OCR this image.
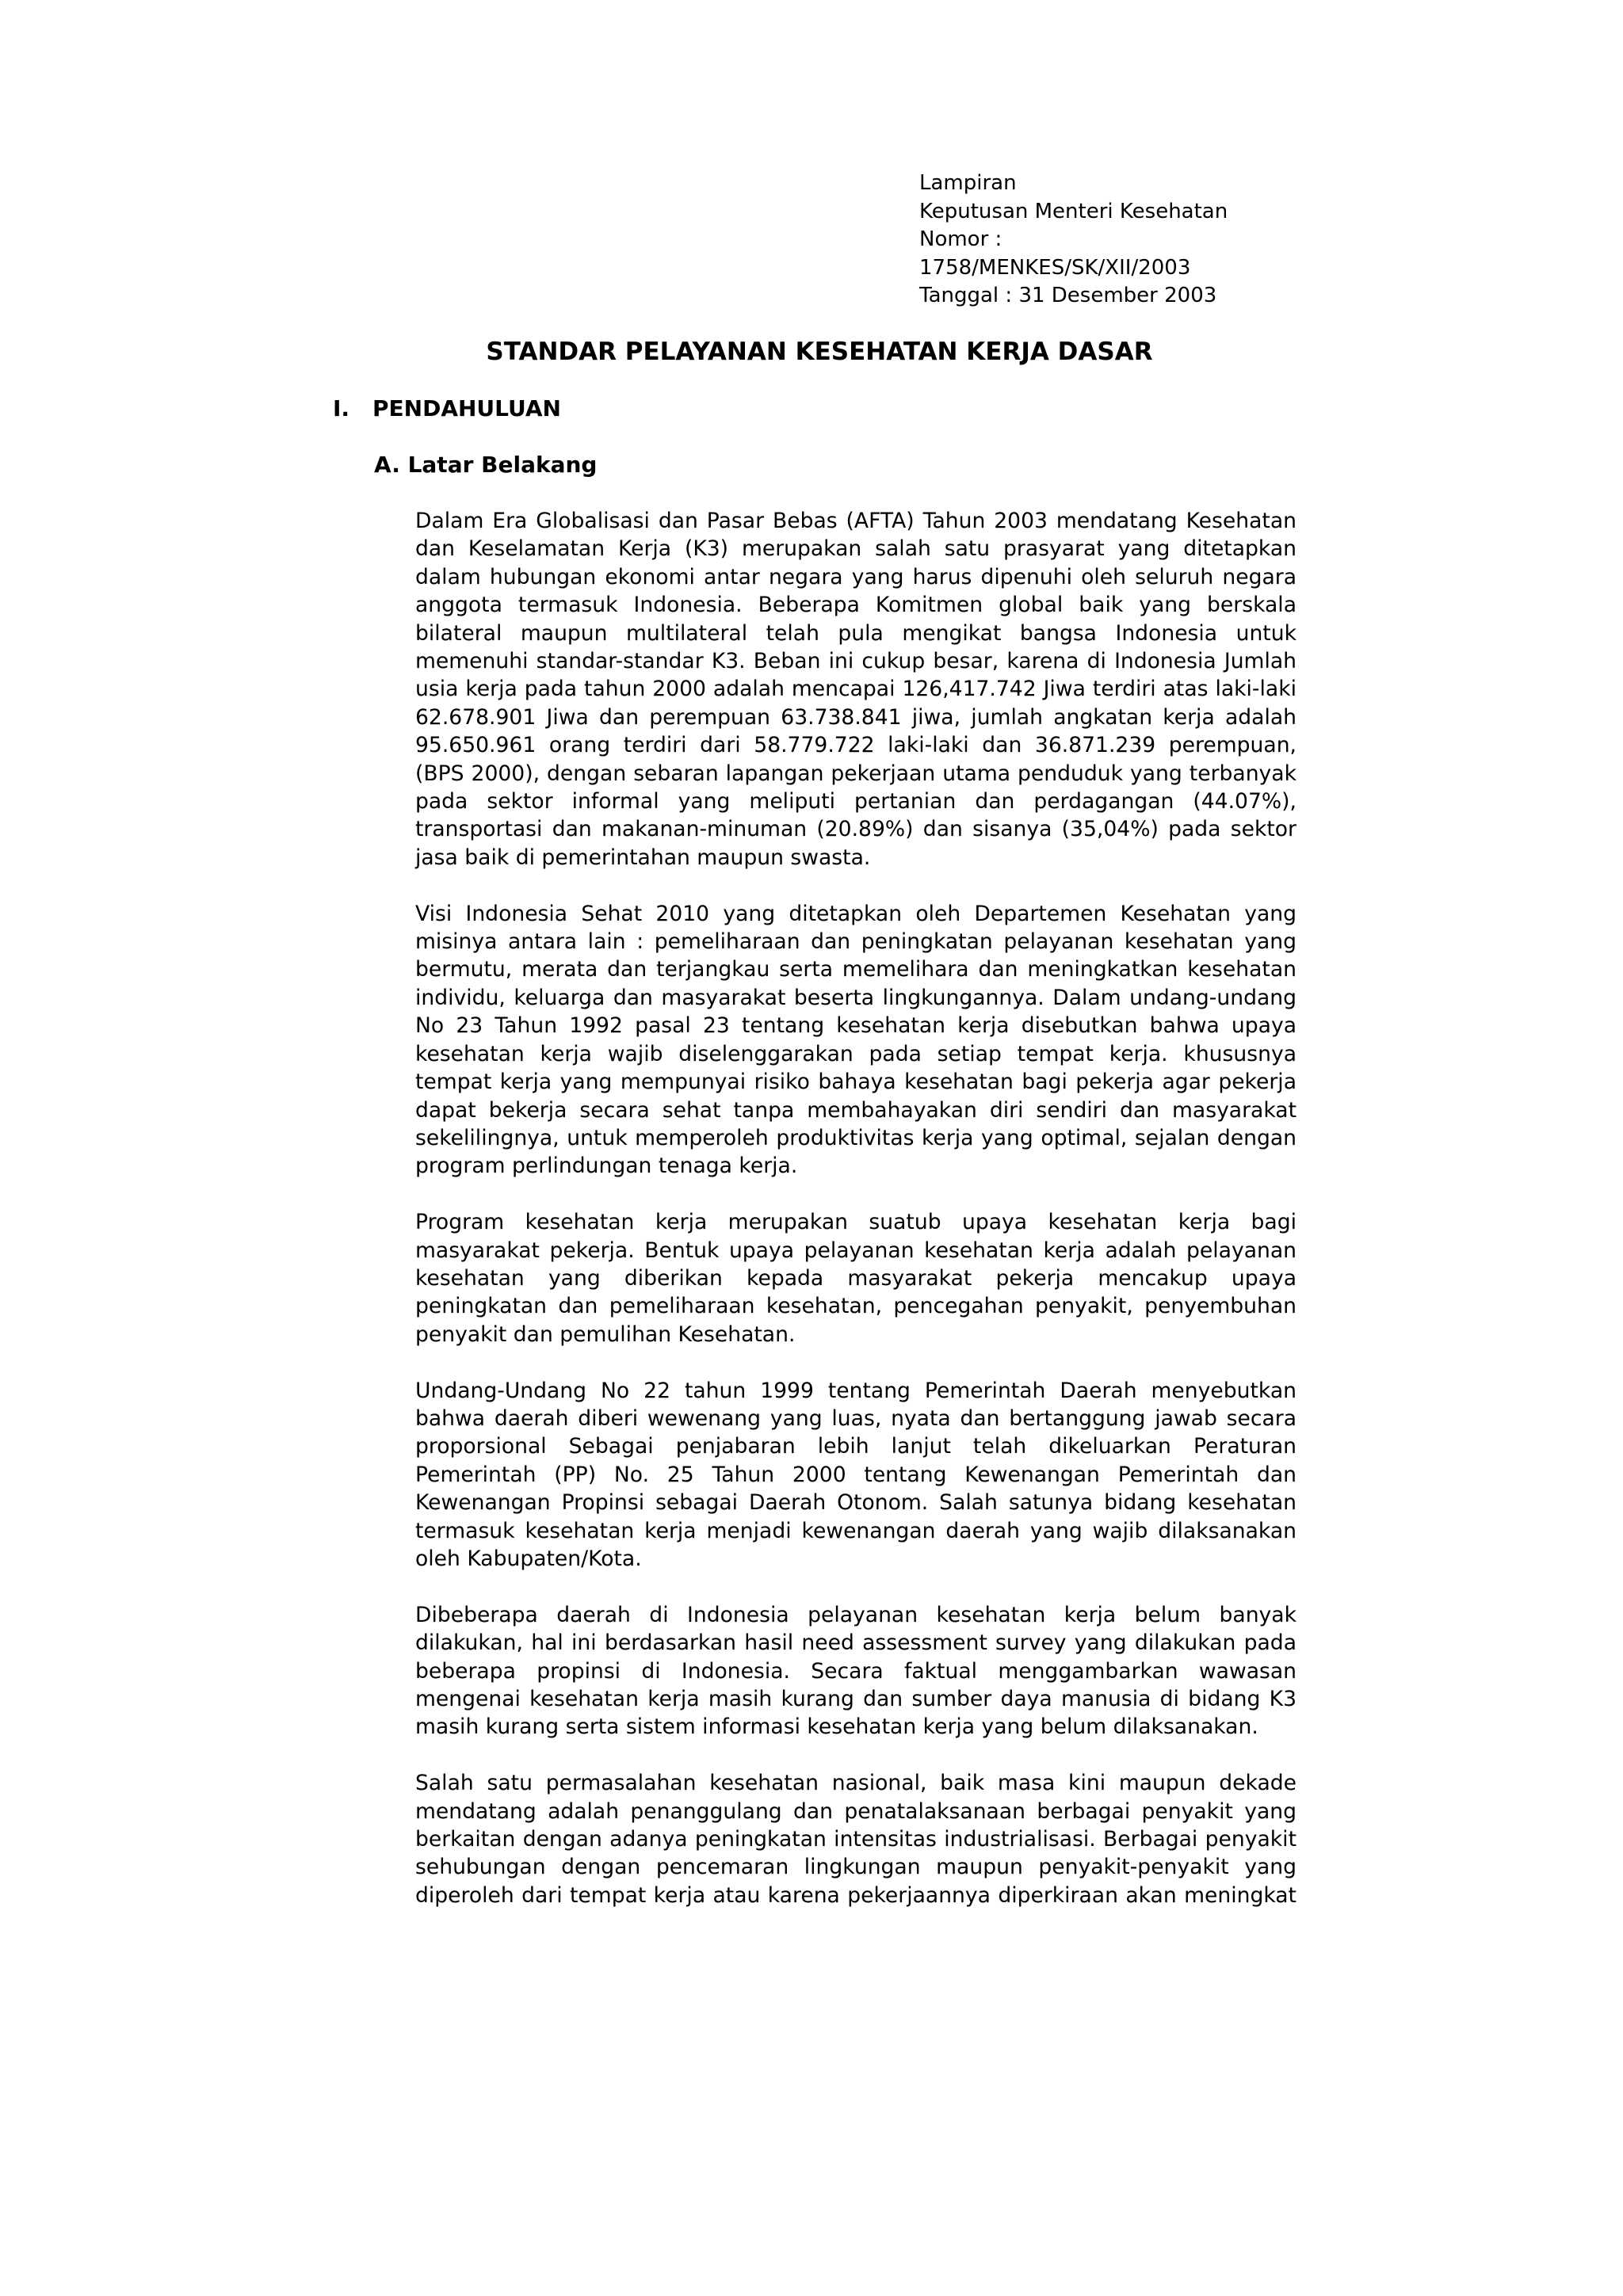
Lampiran
Keputusan Menteri Kesehatan
Nomor :
1758/MENKES/SK/XII/2003
Tanggal : 31 Desember 2003
STANDAR PELAYANAN KESEHATAN KERJA DASAR
I. PENDAHULUAN
A. Latar Belakang

Dalam Era Globalisasi dan Pasar Bebas (AFTA) Tahun 2003 mendatang Kesehatan dan Keselamatan Kerja (K3) merupakan salah satu prasyarat yang ditetapkan dalam hubungan ekonomi antar negara yang harus dipenuhi oleh seluruh negara anggota termasuk Indonesia. Beberapa Komitmen global baik yang berskala bilateral maupun multilateral telah pula mengikat bangsa Indonesia untuk memenuhi standar-standar K3. Beban ini cukup besar, karena di Indonesia Jumlah usia kerja pada tahun 2000 adalah mencapai 126,417.742 Jiwa terdiri atas laki-laki 62.678.901 Jiwa dan perempuan 63.738.841 jiwa, jumlah angkatan kerja adalah 95.650.961 orang terdiri dari 58.779.722 laki-laki dan 36.871.239 perempuan, (BPS 2000), dengan sebaran lapangan pekerjaan utama penduduk yang terbanyak pada sektor informal yang meliputi pertanian dan perdagangan (44.07%), transportasi dan makanan-minuman (20.89%) dan sisanya (35,04%) pada sektor jasa baik di pemerintahan maupun swasta.

Visi Indonesia Sehat 2010 yang ditetapkan oleh Departemen Kesehatan yang misinya antara lain : pemeliharaan dan peningkatan pelayanan kesehatan yang bermutu, merata dan terjangkau serta memelihara dan meningkatkan kesehatan individu, keluarga dan masyarakat beserta lingkungannya. Dalam undang-undang No 23 Tahun 1992 pasal 23 tentang kesehatan kerja disebutkan bahwa upaya kesehatan kerja wajib diselenggarakan pada setiap tempat kerja. khususnya tempat kerja yang mempunyai risiko bahaya kesehatan bagi pekerja agar pekerja dapat bekerja secara sehat tanpa membahayakan diri sendiri dan masyarakat sekelilingnya, untuk memperoleh produktivitas kerja yang optimal, sejalan dengan program perlindungan tenaga kerja.

Program kesehatan kerja merupakan suatub upaya kesehatan kerja bagi masyarakat pekerja. Bentuk upaya pelayanan kesehatan kerja adalah pelayanan kesehatan yang diberikan kepada masyarakat pekerja mencakup upaya peningkatan dan pemeliharaan kesehatan, pencegahan penyakit, penyembuhan penyakit dan pemulihan Kesehatan.

Undang-Undang No 22 tahun 1999 tentang Pemerintah Daerah menyebutkan bahwa daerah diberi wewenang yang luas, nyata dan bertanggung jawab secara proporsional Sebagai penjabaran lebih lanjut telah dikeluarkan Peraturan Pemerintah (PP) No. 25 Tahun 2000 tentang Kewenangan Pemerintah dan Kewenangan Propinsi sebagai Daerah Otonom. Salah satunya bidang kesehatan termasuk kesehatan kerja menjadi kewenangan daerah yang wajib dilaksanakan oleh Kabupaten/Kota.

Dibeberapa daerah di Indonesia pelayanan kesehatan kerja belum banyak dilakukan, hal ini berdasarkan hasil need assessment survey yang dilakukan pada beberapa propinsi di Indonesia. Secara faktual menggambarkan wawasan mengenai kesehatan kerja masih kurang dan sumber daya manusia di bidang K3 masih kurang serta sistem informasi kesehatan kerja yang belum dilaksanakan.

Salah satu permasalahan kesehatan nasional, baik masa kini maupun dekade mendatang adalah penanggulang dan penatalaksanaan berbagai penyakit yang berkaitan dengan adanya peningkatan intensitas industrialisasi. Berbagai penyakit sehubungan dengan pencemaran lingkungan maupun penyakit-penyakit yang diperoleh dari tempat kerja atau karena pekerjaannya diperkiraan akan meningkat
